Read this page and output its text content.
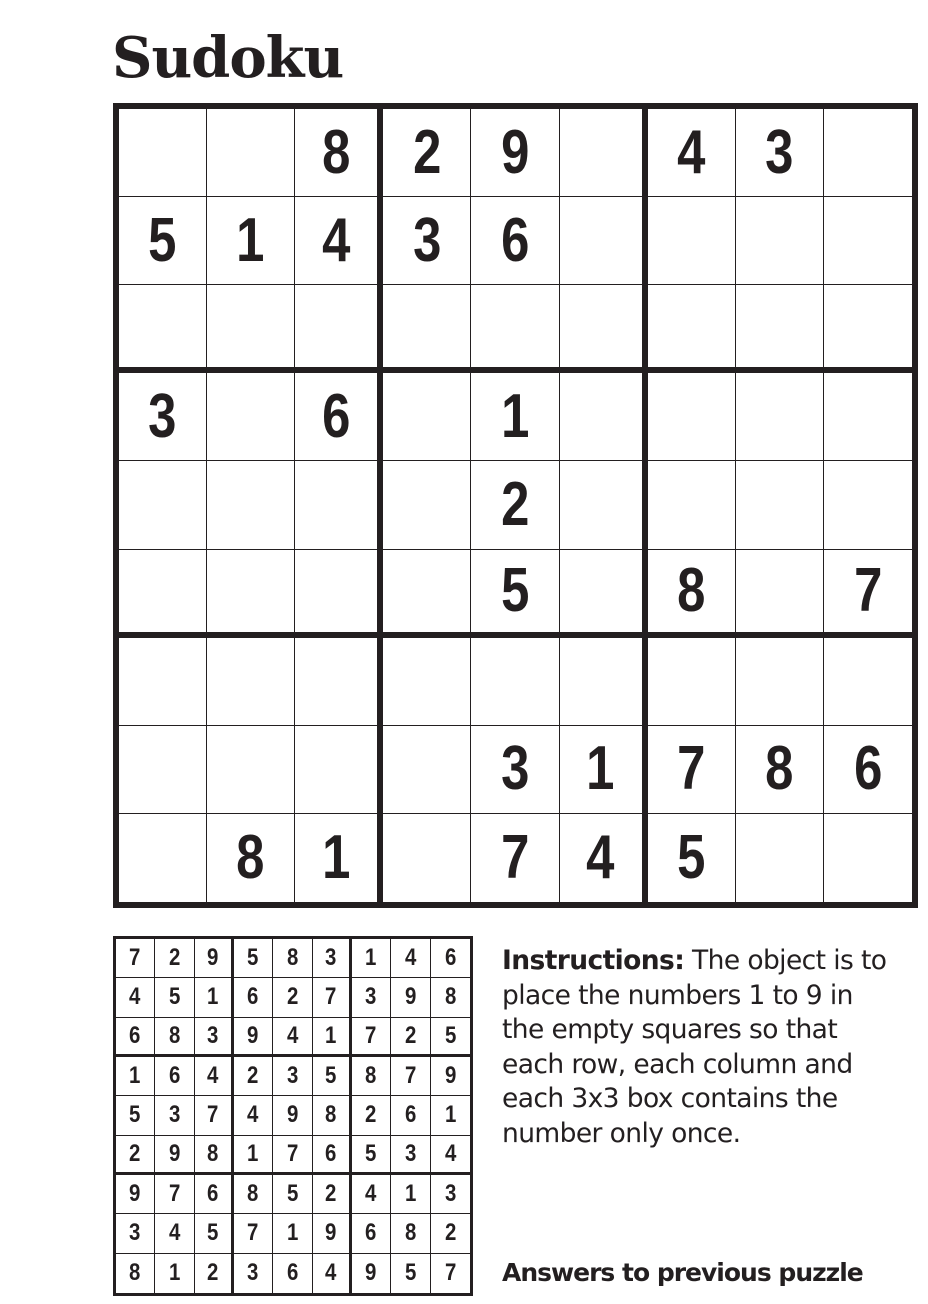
Sudoku
8 2 9 4 3
5 1 4 3 6
3 6 1
2
5 8 7
3 1 7 8 6
8 1 7 4 5
7 2 9 5 8 3 1 4 6
4 5 1 6 2 7 3 9 8
6 8 3 9 4 1 7 2 5
1 6 4 2 3 5 8 7 9
5 3 7 4 9 8 2 6 1
2 9 8 1 7 6 5 3 4
9 7 6 8 5 2 4 1 3
3 4 5 7 1 9 6 8 2
8 1 2 3 6 4 9 5 7
Instructions: The object is to place the numbers 1 to 9 in the empty squares so that each row, each column and each 3x3 box contains the number only once.
Answers to previous puzzle
